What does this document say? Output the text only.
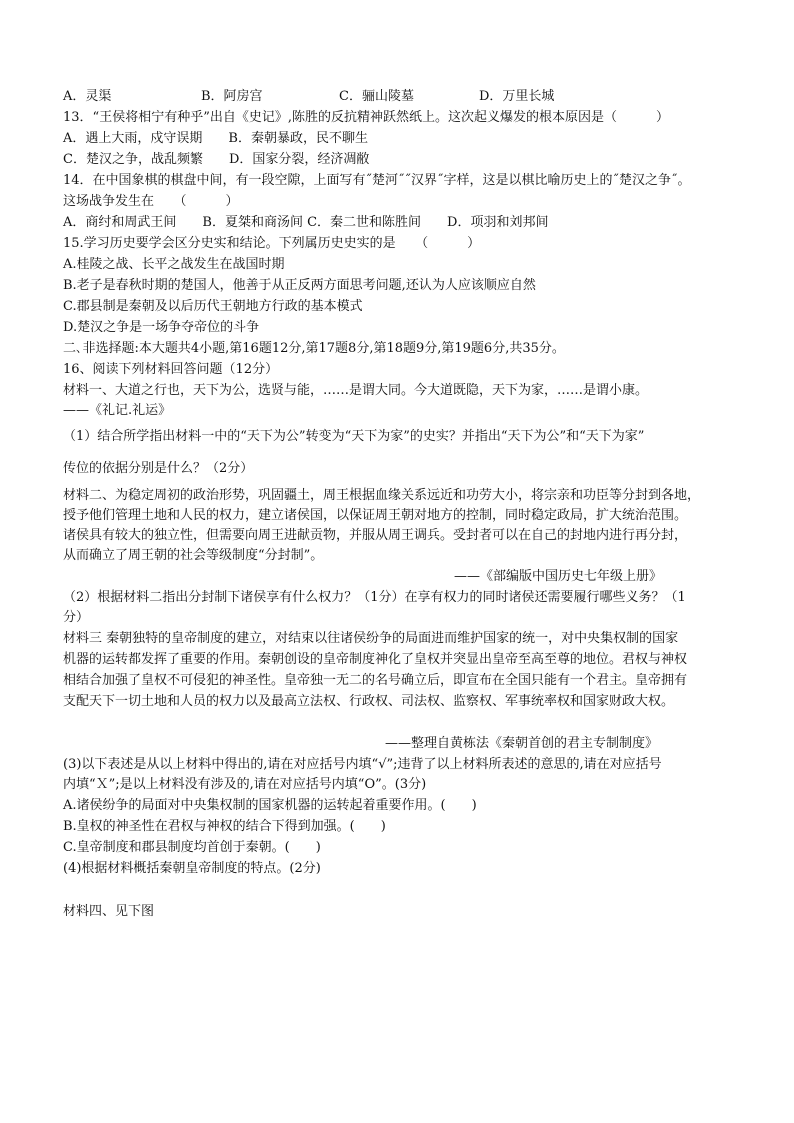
A．灵渠	B．阿房宫	C．骊山陵墓	D．万里长城
13．“王侯将相宁有种乎”出自《史记》,陈胜的反抗精神跃然纸上。这次起义爆发的根本原因是（　　　）
A．遇上大雨，戍守误期　　B．秦朝暴政，民不聊生
C．楚汉之争，战乱频繁　　D．国家分裂，经济凋敝
14．在中国象棋的棋盘中间，有一段空隙，上面写有˝楚河˝˝汉界˝字样，这是以棋比喻历史上的˝楚汉之争˝。
这场战争发生在　　（　　　）
A．商纣和周武王间　　B．夏桀和商汤间 C．秦二世和陈胜间　　D．项羽和刘邦间
15.学习历史要学会区分史实和结论。下列属历史史实的是　　（　　　）
A.桂陵之战、长平之战发生在战国时期
B.老子是春秋时期的楚国人，他善于从正反两方面思考问题,还认为人应该顺应自然
C.郡县制是秦朝及以后历代王朝地方行政的基本模式
D.楚汉之争是一场争夺帝位的斗争
二､非选择题:本大题共4小题,第16题12分,第17题8分,第18题9分,第19题6分,共35分。
16、阅读下列材料回答问题（12分）
材料一、大道之行也，天下为公，选贤与能，……是谓大同。今大道既隐，天下为家，……是谓小康。
——《礼记.礼运》
（1）结合所学指出材料一中的“天下为公”转变为“天下为家”的史实？并指出“天下为公”和“天下为家”
传位的依据分别是什么？（2分）
材料二、为稳定周初的政治形势，巩固疆土，周王根据血缘关系远近和功劳大小，将宗亲和功臣等分封到各地，
授予他们管理土地和人民的权力，建立诸侯国，以保证周王朝对地方的控制，同时稳定政局，扩大统治范围。
诸侯具有较大的独立性，但需要向周王进献贡物，并服从周王调兵。受封者可以在自己的封地内进行再分封，
从而确立了周王朝的社会等级制度“分封制”。
——《部编版中国历史七年级上册》
（2）根据材料二指出分封制下诸侯享有什么权力？（1分）在享有权力的同时诸侯还需要履行哪些义务？（1
分）
材料三 秦朝独特的皇帝制度的建立，对结束以往诸侯纷争的局面进而维护国家的统一，对中央集权制的国家
机器的运转都发挥了重要的作用。秦朝创设的皇帝制度神化了皇权并突显出皇帝至高至尊的地位。君权与神权
相结合加强了皇权不可侵犯的神圣性。皇帝独一无二的名号确立后，即宣布在全国只能有一个君主。皇帝拥有
支配天下一切土地和人员的权力以及最高立法权、行政权、司法权、监察权、军事统率权和国家财政大权。
——整理自黄栋法《秦朝首创的君主专制制度》
(3)以下表述是从以上材料中得出的,请在对应括号内填“√”;违背了以上材料所表述的意思的,请在对应括号
内填“Ｘ”;是以上材料没有涉及的,请在对应括号内填“O”。(3分)
A.诸侯纷争的局面对中央集权制的国家机器的运转起着重要作用。(　　)
B.皇权的神圣性在君权与神权的结合下得到加强。(　　)
C.皇帝制度和郡县制度均首创于秦朝。(　　)
(4)根据材料概括秦朝皇帝制度的特点。(2分)
材料四、见下图
